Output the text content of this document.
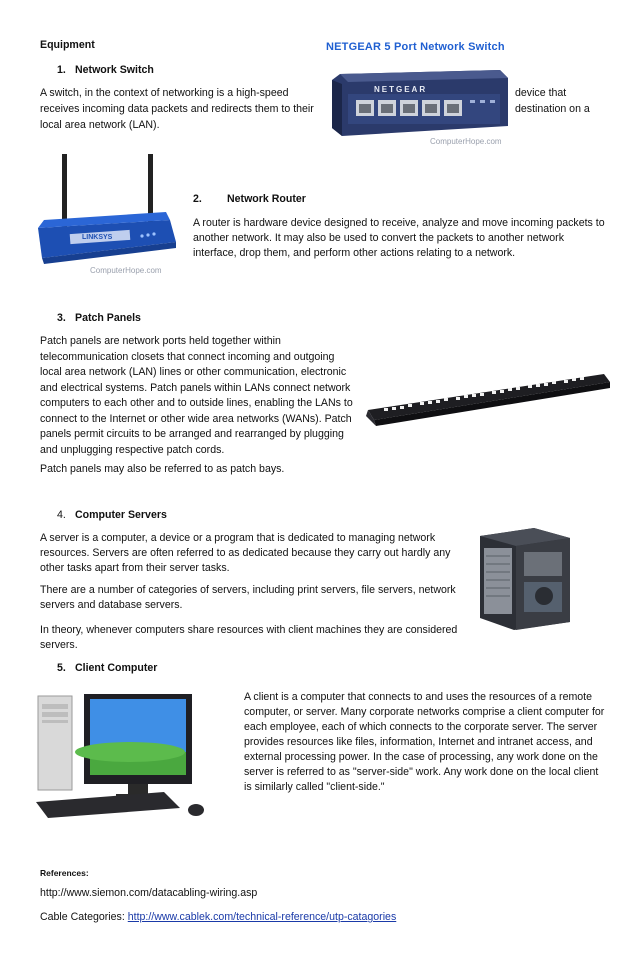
Equipment
1. Network Switch
A switch, in the context of networking is a high-speed
receives incoming data packets and redirects them to their
local area network (LAN).
device that
destination on a
NETGEAR 5 Port Network Switch
NETGEAR
ComputerHope.com
LINKSYS
ComputerHope.com
2. Network Router

A router is hardware device designed to receive, analyze and move incoming packets to another network. It may also be used to convert the packets to another network interface, drop them, and perform other actions relating to a network.

3. Patch Panels

Patch panels are network ports held together within telecommunication closets that connect incoming and outgoing local area network (LAN) lines or other communication, electronic and electrical systems. Patch panels within LANs connect network computers to each other and to outside lines, enabling the LANs to connect to the Internet or other wide area networks (WANs). Patch panels permit circuits to be arranged and rearranged by plugging and unplugging respective patch cords.

Patch panels may also be referred to as patch bays.

4. Computer Servers

A server is a computer, a device or a program that is dedicated to managing network resources. Servers are often referred to as dedicated because they carry out hardly any other tasks apart from their server tasks.

There are a number of categories of servers, including print servers, file servers, network servers and database servers.

In theory, whenever computers share resources with client machines they are considered servers.

5. Client Computer

A client is a computer that connects to and uses the resources of a remote computer, or server. Many corporate networks comprise a client computer for each employee, each of which connects to the corporate server. The server provides resources like files, information, Internet and intranet access, and external processing power. In the case of processing, any work done on the server is referred to as "server-side" work. Any work done on the local client is similarly called "client-side."

References:
http://www.siemon.com/datacabling-wiring.asp
Cable Categories: http://www.cablek.com/technical-reference/utp-catagories
